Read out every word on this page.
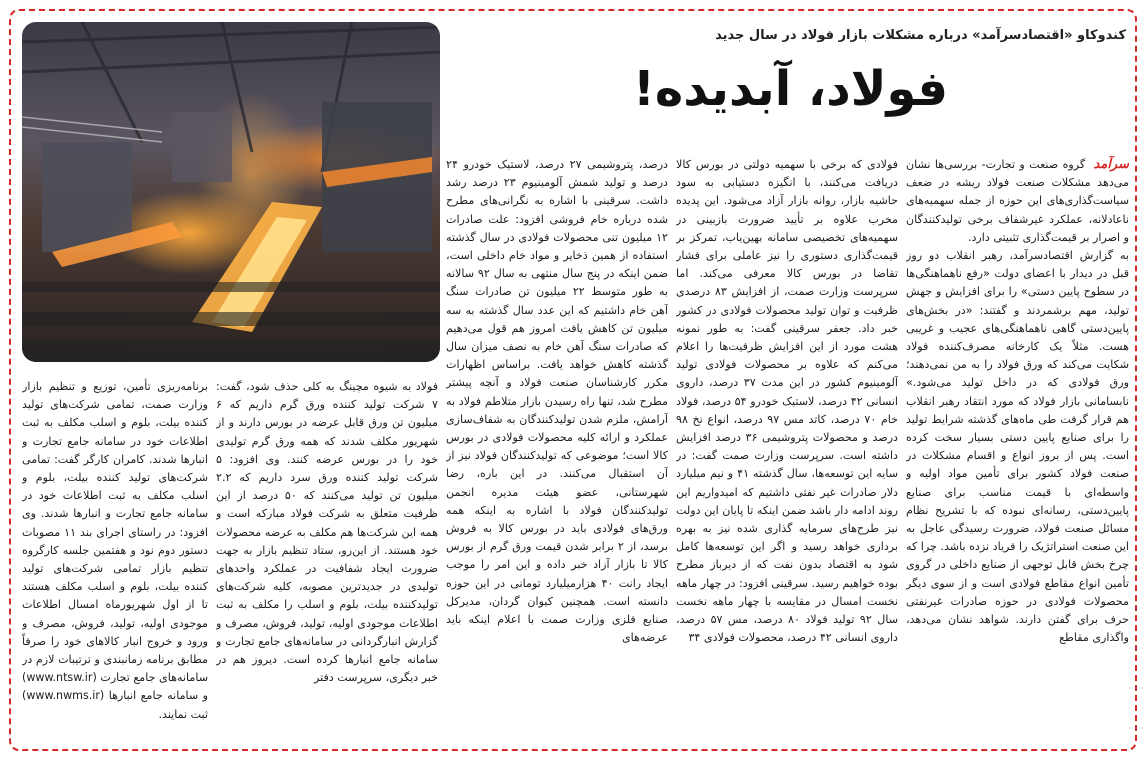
کندوکاو «اقتصادسرآمد» درباره مشکلات بازار فولاد در سال جدید
فولاد، آبدیده!

سرآمد گروه صنعت و تجارت- بررسی‌ها نشان می‌دهد مشکلات صنعت فولاد ریشه در ضعف سیاست‌گذاری‌های این حوزه از جمله سهمیه‌های ناعادلانه، عملکرد غیرشفاف برخی تولیدکنندگان و اصرار بر قیمت‌گذاری تثبیتی دارد.

به گزارش اقتصادسرآمد، رهبر انقلاب دو روز قبل در دیدار با اعضای دولت «رفع ناهماهنگی‌ها در سطوح پایین دستی» را برای افزایش و جهش تولید، مهم برشمردند و گفتند: «در بخش‌های پایین‌دستی گاهی ناهماهنگی‌های عجیب و غریبی هست. مثلاً یک کارخانه مصرف‌کننده فولاد شکایت می‌کند که ورق فولاد را به من نمی‌دهند؛ ورق فولادی که در داخل تولید می‌شود.» نابسامانی بازار فولاد که مورد انتقاد رهبر انقلاب هم قرار گرفت طی ماه‌های گذشته شرایط تولید را برای صنایع پایین دستی بسیار سخت کرده است. پس از بروز انواع و اقسام مشکلات در صنعت فولاد کشور برای تأمین مواد اولیه و واسطه‌ای با قیمت مناسب برای صنایع پایین‌دستی، رسانه‌ای نبوده که با تشریح نظام مسائل صنعت فولاد، ضرورت رسیدگی عاجل به این صنعت استراتژیک را فریاد نزده باشد. چرا که چرخ بخش قابل توجهی از صنایع داخلی در گروی تأمین انواع مقاطع فولادی است و از سوی دیگر محصولات فولادی در حوزه صادرات غیرنفتی حرف برای گفتن دارند. شواهد نشان می‌دهد، واگذاری مقاطع

فولادی که برخی با سهمیه دولتی در بورس کالا دریافت می‌کنند، با انگیزه دستیابی به سود حاشیه بازار، روانه بازار آزاد می‌شود. این پدیده مخرب علاوه بر تأیید ضرورت بازبینی در سهمیه‌های تخصیصی سامانه بهین‌یاب، تمرکز بر قیمت‌گذاری دستوری را نیز عاملی برای فشار تقاضا در بورس کالا معرفی می‌کند. اما سرپرست وزارت صمت، از افزایش ۸۳ درصدی ظرفیت و توان تولید محصولات فولادی در کشور خبر داد. جعفر سرقینی گفت: به طور نمونه هشت مورد از این افزایش ظرفیت‌ها را اعلام می‌کنم که علاوه بر محصولات فولادی تولید آلومینیوم کشور در این مدت ۳۷ درصد، داروی انسانی ۴۲ درصد، لاستیک خودرو ۵۴ درصد، فولاد خام ۷۰ درصد، کاتد مس ۹۷ درصد، انواع نخ ۹۸ درصد و محصولات پتروشیمی ۳۶ درصد افزایش داشته است. سرپرست وزارت صمت گفت: در سایه این توسعه‌ها، سال گذشته ۴۱ و نیم میلیارد دلار صادرات غیر نفتی داشتیم که امیدواریم این روند ادامه دار باشد ضمن اینکه تا پایان این دولت نیز طرح‌های سرمایه گذاری شده نیز به بهره برداری خواهد رسید و اگر این توسعه‌ها کامل شود به اقتصاد بدون نفت که از دیرباز مطرح بوده خواهیم رسید. سرقینی افزود: در چهار ماهه نخست امسال در مقایسه با چهار ماهه نخست سال ۹۲ تولید فولاد ۸۰ درصد، مس ۵۷ درصد، داروی انسانی ۴۲ درصد، محصولات فولادی ۳۴

درصد، پتروشیمی ۲۷ درصد، لاستیک خودرو ۲۴ درصد و تولید شمش آلومینیوم ۲۳ درصد رشد داشت. سرقینی با اشاره به نگرانی‌های مطرح شده درباره خام فروشی افزود: علت صادرات ۱۲ میلیون تنی محصولات فولادی در سال گذشته استفاده از همین ذخایر و مواد خام داخلی است، ضمن اینکه در پنج سال منتهی به سال ۹۲ سالانه به طور متوسط ۲۲ میلیون تن صادرات سنگ آهن خام داشتیم که این عدد سال گذشته به سه میلیون تن کاهش یافت امروز هم قول می‌دهیم که صادرات سنگ آهن خام به نصف میزان سال گذشته کاهش خواهد یافت. براساس اظهارات مکرر کارشناسان صنعت فولاد و آنچه پیشتر مطرح شد، تنها راه رسیدن بازار متلاطم فولاد به آرامش، ملزم شدن تولیدکنندگان به شفاف‌سازی عملکرد و ارائه کلیه محصولات فولادی در بورس کالا است؛ موضوعی که تولیدکنندگان فولاد نیز از آن استقبال می‌کنند. در این باره، رضا شهرستانی، عضو هیئت مدیره انجمن تولیدکنندگان فولاد با اشاره به اینکه همه ورق‌های فولادی باید در بورس کالا به فروش برسد، از ۲ برابر شدن قیمت ورق گرم از بورس کالا تا بازار آزاد خبر داده و این امر را موجب ایجاد رانت ۴۰ هزارمیلیارد تومانی در این حوزه دانسته است. همچنین کیوان گردان، مدیرکل صنایع فلزی وزارت صمت با اعلام اینکه باید عرضه‌های

فولاد به شیوه مچینگ به کلی حذف شود، گفت: ۷ شرکت تولید کننده ورق گرم داریم که ۶ میلیون تن ورق قابل عرضه در بورس دارند و از شهریور مکلف شدند که همه ورق گرم تولیدی خود را در بورس عرضه کنند. وی افزود: ۵ شرکت تولید کننده ورق سرد داریم که ۲.۲ میلیون تن تولید می‌کنند که ۵۰ درصد از این ظرفیت متعلق به شرکت فولاد مبارکه است و همه این شرکت‌ها هم مکلف به عرضه محصولات خود هستند. از این‌رو، ستاد تنظیم بازار به جهت ضرورت ایجاد شفافیت در عملکرد واحدهای تولیدی در جدیدترین مصوبه، کلیه شرکت‌های تولیدکننده بیلت، بلوم و اسلب را مکلف به ثبت اطلاعات موجودی اولیه، تولید، فروش، مصرف و گزارش انبارگردانی در سامانه‌های جامع تجارت و سامانه جامع انبارها کرده است. دیروز هم در خبر دیگری، سرپرست دفتر

برنامه‌ریزی تأمین، توزیع و تنظیم بازار وزارت صمت، تمامی شرکت‌های تولید کننده بیلت، بلوم و اسلب مکلف به ثبت اطلاعات خود در سامانه جامع تجارت و انبارها شدند. کامران کارگر گفت: تمامی شرکت‌های تولید کننده بیلت، بلوم و اسلب مکلف به ثبت اطلاعات خود در سامانه جامع تجارت و انبارها شدند. وی افزود: در راستای اجرای بند ۱۱ مصوبات دستور دوم نود و هفتمین جلسه کارگروه تنظیم بازار تمامی شرکت‌های تولید کننده بیلت، بلوم و اسلب مکلف هستند تا از اول شهریورماه امسال اطلاعات موجودی اولیه، تولید، فروش، مصرف و ورود و خروج انبار کالاهای خود را صرفاً مطابق برنامه زمانبندی و ترتیبات لازم در سامانه‌های جامع تجارت (www.ntsw.ir) و سامانه جامع انبارها (www.nwms.ir) ثبت نمایند.
